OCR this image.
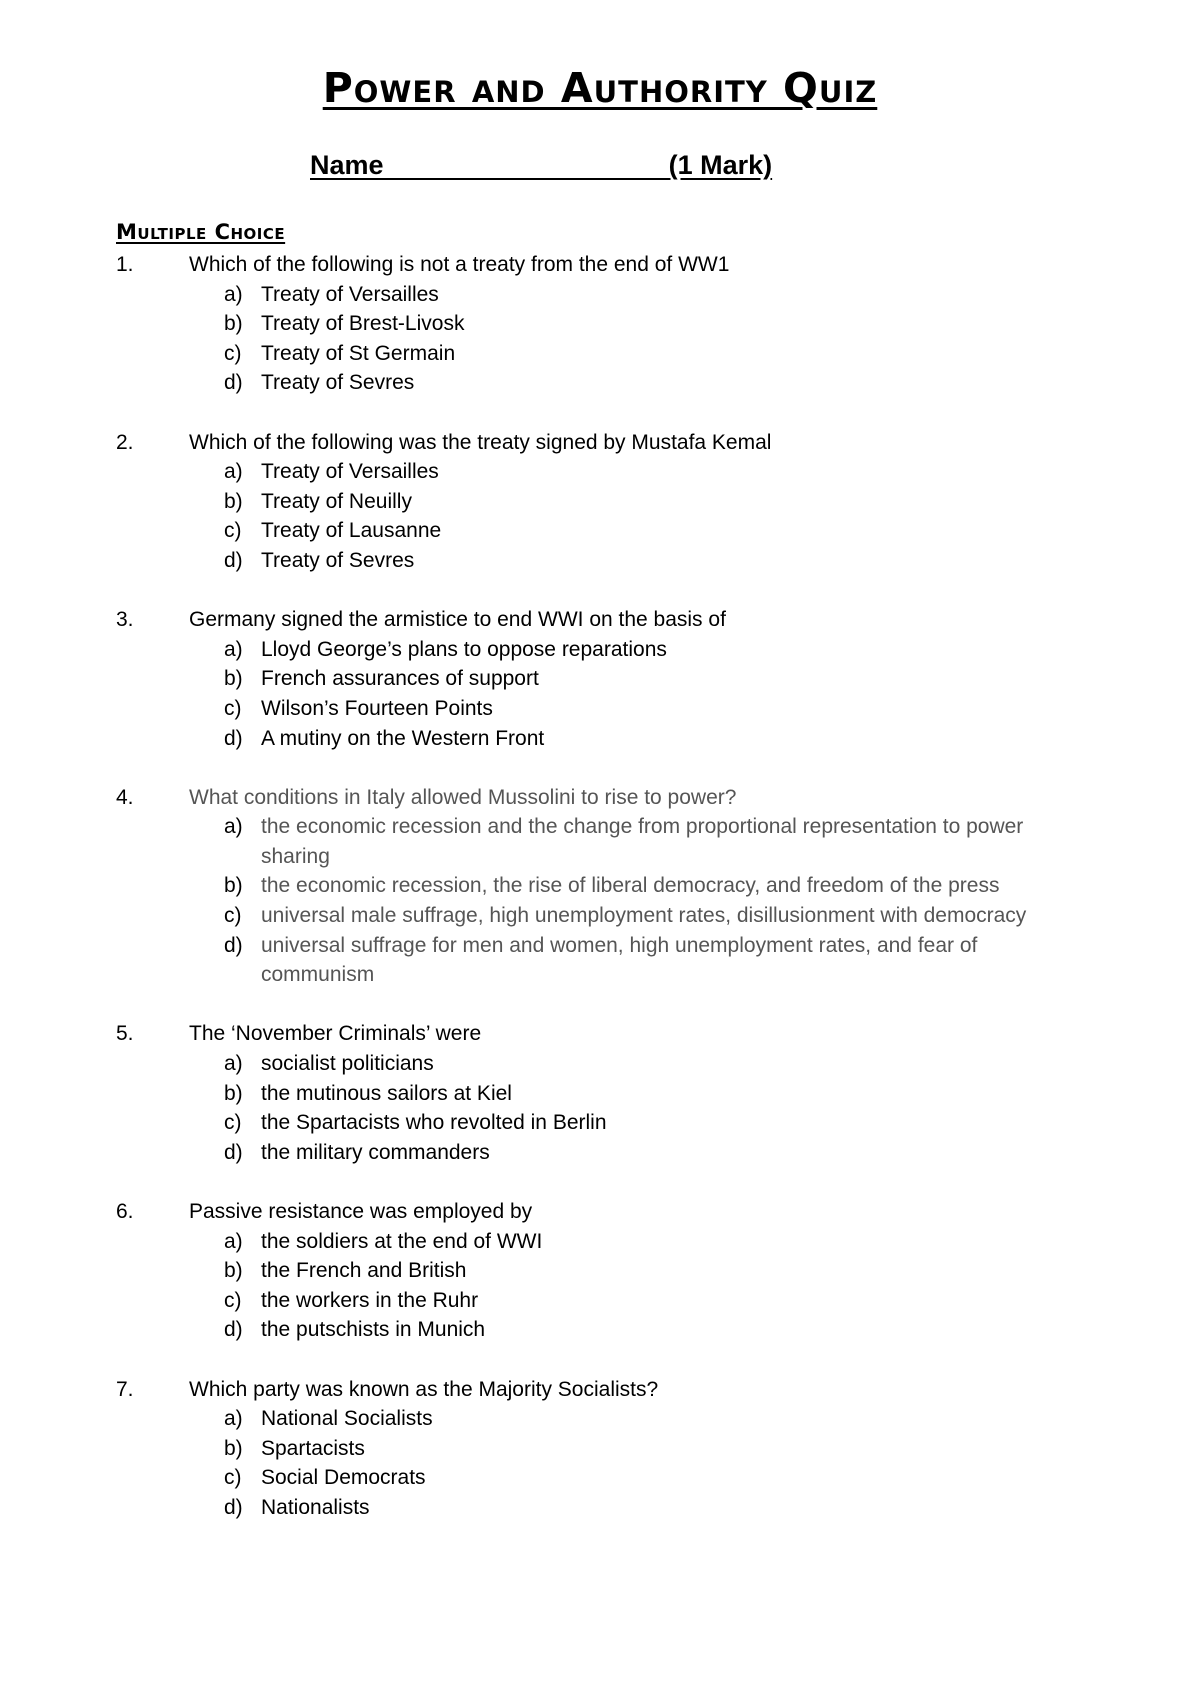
Power and Authority Quiz
Name                                      (1 Mark)
Multiple Choice
1.	Which of the following is not a treaty from the end of WW1
a) Treaty of Versailles
b) Treaty of Brest-Livosk
c) Treaty of St Germain
d) Treaty of Sevres
2.	Which of the following was the treaty signed by Mustafa Kemal
a) Treaty of Versailles
b) Treaty of Neuilly
c) Treaty of Lausanne
d) Treaty of Sevres
3.	Germany signed the armistice to end WWI on the basis of
a) Lloyd George’s plans to oppose reparations
b) French assurances of support
c) Wilson’s Fourteen Points
d) A mutiny on the Western Front
4.	What conditions in Italy allowed Mussolini to rise to power?
a) the economic recession and the change from proportional representation to power sharing
b) the economic recession, the rise of liberal democracy, and freedom of the press
c) universal male suffrage, high unemployment rates, disillusionment with democracy
d) universal suffrage for men and women, high unemployment rates, and fear of communism
5.	The ‘November Criminals’ were
a) socialist politicians
b) the mutinous sailors at Kiel
c) the Spartacists who revolted in Berlin
d) the military commanders
6.	Passive resistance was employed by
a) the soldiers at the end of WWI
b) the French and British
c) the workers in the Ruhr
d) the putschists in Munich
7.	Which party was known as the Majority Socialists?
a) National Socialists
b) Spartacists
c) Social Democrats
d) Nationalists
